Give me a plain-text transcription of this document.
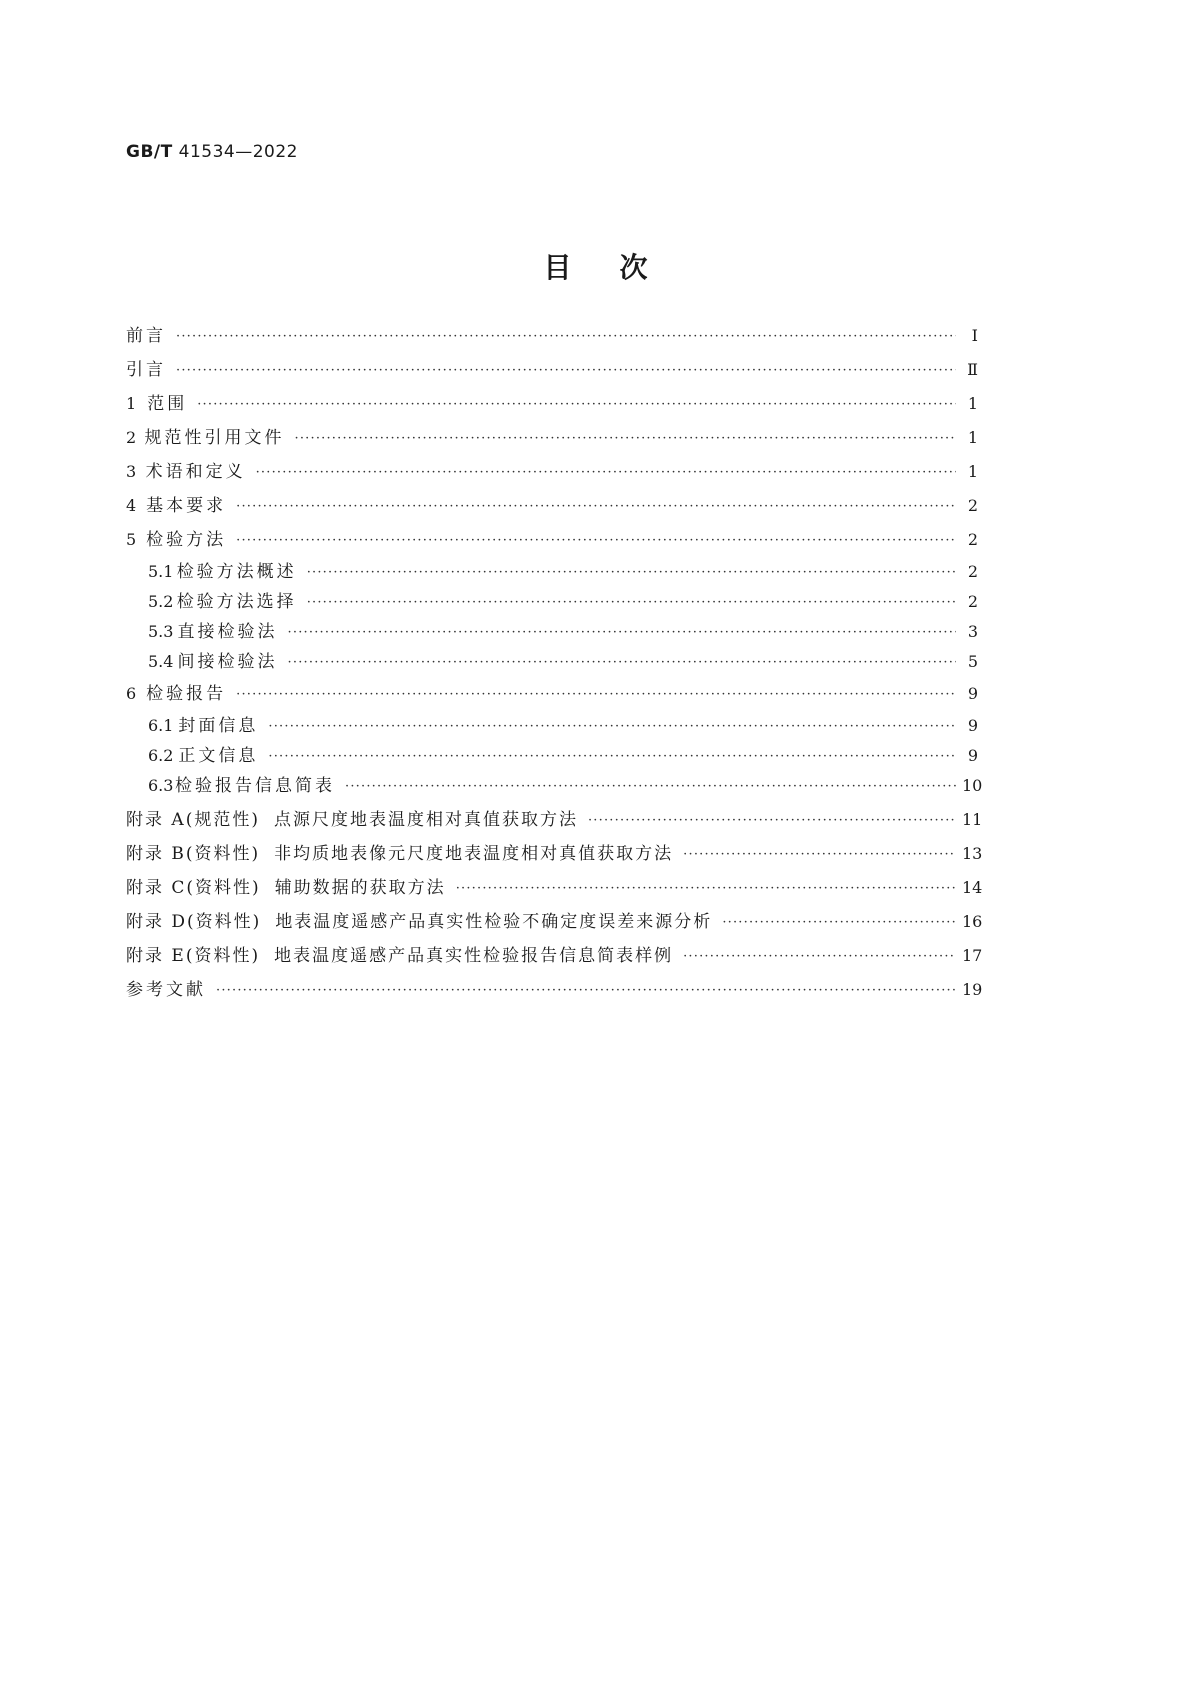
GB/T 41534—2022
目次
前言 ·····	Ⅰ
引言 ·····	Ⅱ
1 范围 ·····	1
2 规范性引用文件 ·····	1
3 术语和定义 ·····	1
4 基本要求 ·····	2
5 检验方法 ·····	2
5.1 检验方法概述 ·····	2
5.2 检验方法选择 ·····	2
5.3 直接检验法 ·····	3
5.4 间接检验法 ·····	5
6 检验报告 ·····	9
6.1 封面信息 ·····	9
6.2 正文信息 ·····	9
6.3 检验报告信息简表 ·····	10
附录 A (规范性) 点源尺度地表温度相对真值获取方法 ·····	11
附录 B (资料性) 非均质地表像元尺度地表温度相对真值获取方法 ·····	13
附录 C (资料性) 辅助数据的获取方法 ·····	14
附录 D (资料性) 地表温度遥感产品真实性检验不确定度误差来源分析 ·····	16
附录 E (资料性) 地表温度遥感产品真实性检验报告信息简表样例 ·····	17
参考文献 ·····	19
